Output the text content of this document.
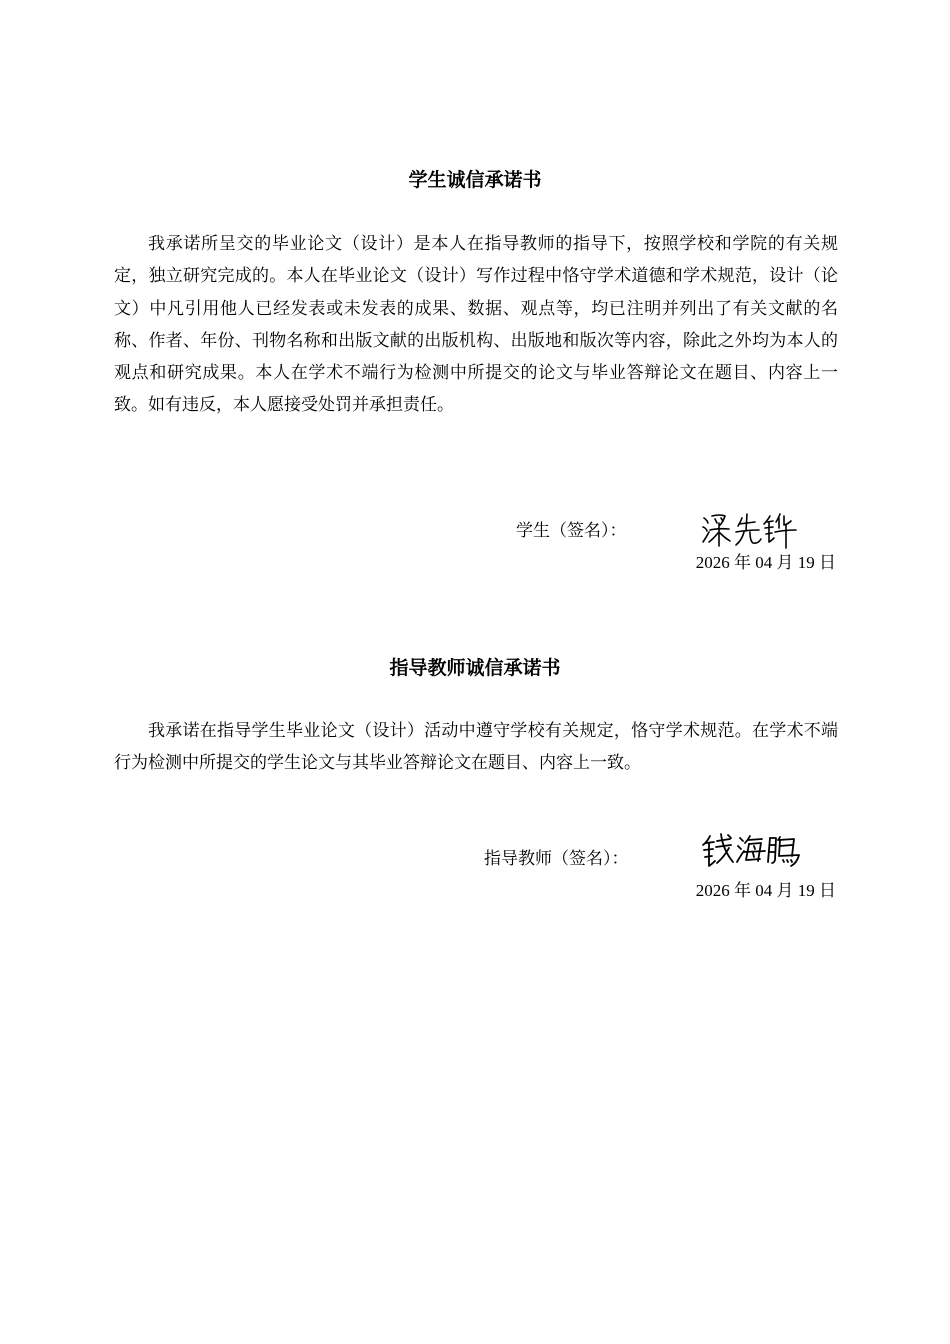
学生诚信承诺书
我承诺所呈交的毕业论文（设计）是本人在指导教师的指导下，按照学校和学院的有关规定，独立研究完成的。本人在毕业论文（设计）写作过程中恪守学术道德和学术规范，设计（论文）中凡引用他人已经发表或未发表的成果、数据、观点等，均已注明并列出了有关文献的名称、作者、年份、刊物名称和出版文献的出版机构、出版地和版次等内容，除此之外均为本人的观点和研究成果。本人在学术不端行为检测中所提交的论文与毕业答辩论文在题目、内容上一致。如有违反，本人愿接受处罚并承担责任。
学生（签名）：
2026 年 04 月 19 日
指导教师诚信承诺书
我承诺在指导学生毕业论文（设计）活动中遵守学校有关规定，恪守学术规范。在学术不端行为检测中所提交的学生论文与其毕业答辩论文在题目、内容上一致。
指导教师（签名）：
2026 年 04 月 19 日
